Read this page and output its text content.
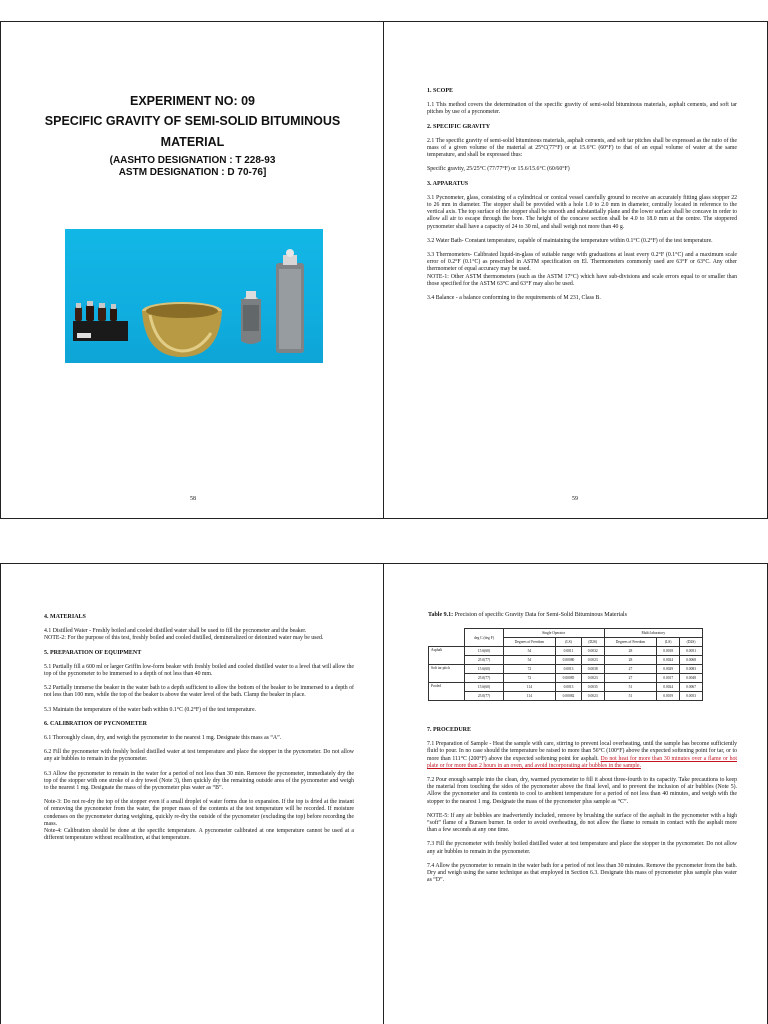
EXPERIMENT NO: 09
SPECIFIC GRAVITY OF SEMI-SOLID BITUMINOUS
MATERIAL
(AASHTO DESIGNATION : T 228-93
ASTM DESIGNATION : D 70-76]
58
1. SCOPE

1.1 This method covers the determination of the specific gravity of semi-solid bituminous materials, asphalt cements, and soft tar pitches by use of a pycnometer.

2. SPECIFIC GRAVITY

2.1 The specific gravity of semi-solid bituminous materials, asphalt cements, and soft tar pitches shall be expressed as the ratio of the mass of a given volume of the material at 25°C(77°F) or at 15.6°C (60°F) to that of an equal volume of water at the same temperature, and shall be expressed thus:

Specific gravity, 25/25°C (77/77°F) or 15.6/15.6°C (60/60°F)

3. APPARATUS

3.1 Pycnometer, glass, consisting of a cylindrical or conical vessel carefully ground to receive an accurately fitting glass stopper 22 to 26 mm in diameter. The stopper shall be provided with a hole 1.0 to 2.0 mm in diameter, centrally located in reference to the vertical axis. The top surface of the stopper shall be smooth and substantially plane and the lower surface shall be concave in order to allow all air to escape through the bore. The height of the concave section shall be 4.0 to 18.0 mm at the centre. The stoppered pycnometer shall have a capacity of 24 to 30 ml, and shall weigh not more than 40 g.

3.2 Water Bath- Constant temperature, capable of maintaining the temperature within 0.1°C (0.2°F) of the test temperature.

3.3 Thermometers- Calibrated liquid-in-glass of suitable range with graduations at least every 0.2°F (0.1°C) and a maximum scale error of 0.2°F (0.1°C) as prescribed in ASTM specification on El. Thermometers commonly used are 63°F or 63°C. Any other thermometer of equal accuracy may be used.

NOTE-1: Other ASTM thermometers (such as the ASTM 17°C) which have sub-divisions and scale errors equal to or smaller than those specified for the ASTM 63°C and 63°F may also be used.

3.4 Balance - a balance conforming to the requirements of M 231, Class B.

59
4. MATERIALS

4.1 Distilled Water - Freshly boiled and cooled distilled water shall be used to fill the pycnometer and the beaker.

NOTE-2: For the purpose of this test, freshly boiled and cooled distilled, demineralized or deionized water may be used.

5. PREPARATION OF EQUIPMENT

5.1 Partially fill a 600 ml or larger Griffin low-form beaker with freshly boiled and cooled distilled water to a level that will allow the top of the pycnometer to be immersed to a depth of not less than 40 mm.

5.2 Partially immerse the beaker in the water bath to a depth sufficient to allow the bottom of the beaker to be immersed to a depth of not less than 100 mm, while the top of the beaker is above the water level of the bath. Clamp the beaker in place.

5.3 Maintain the temperature of the water bath within 0.1°C (0.2°F) of the test temperature.

6. CALIBRATION OF PYCNOMETER

6.1 Thoroughly clean, dry, and weigh the pycnometer to the nearest 1 mg. Designate this mass as “A”.

6.2 Fill the pycnometer with freshly boiled distilled water at test temperature and place the stopper in the pycnometer. Do not allow any air bubbles to remain in the pycnometer.

6.3 Allow the pycnometer to remain in the water for a period of not less than 30 min. Remove the pycnometer, immediately dry the top of the stopper with one stroke of a dry towel (Note 3), then quickly dry the remaining outside area of the pycnometer and weigh to the nearest 1 mg. Designate the mass of the pycnometer plus water as “B”.

Note-3: Do not re-dry the top of the stopper even if a small droplet of water forms due to expansion. If the top is dried at the instant of removing the pycnometer from the water, the proper mass of the contents at the test temperature will be recorded. If moisture condenses on the pycnometer during weighing, quickly re-dry the outside of the pycnometer (excluding the top) before recording the mass.

Note-4: Calibration should be done at the specific temperature. A pycnometer calibrated at one temperature cannot be used at a different temperature without recalibration, at that temperature.

Table 9.1: Precision of specific Gravity Data for Semi-Solid Bituminous Materials
	deg C (deg F)	Single Operator			Multi laboratory		
		Degrees of Freedom	(LS)	(D2S)	Degrees of Freedom	(LS)	(D2S)
Asphalt	15.6(60)	54	0.0011	0.0032	28	0.0018	0.0051
	25.0(77)	54	0.00080	0.0023	28	0.0024	0.0068
Soft tar pitch	15.6(60)	72	0.0013	0.0038	27	0.0029	0.0083
	25.0(77)	72	0.00085	0.0023	27	0.0017	0.0048
Pooled	15.6(60)	114	0.0013	0.0035	51	0.0024	0.0067
	25.0(77)	114	0.00082	0.0023	51	0.0019	0.0053
7. PROCEDURE

7.1 Preparation of Sample - Heat the sample with care, stirring to prevent local overheating, until the sample has become sufficiently fluid to pour. In no case should the temperature be raised to more than 56°C (100°F) above the expected softening point for tar, or to more than 111°C (200°F) above the expected softening point for asphalt. Do not heat for more than 30 minutes over a flame or hot plate or for more than 2 hours in an oven, and avoid incorporating air bubbles in the sample.

7.2 Pour enough sample into the clean, dry, warmed pycnometer to fill it about three-fourth to its capacity. Take precautions to keep the material from touching the sides of the pycnometer above the final level, and to prevent the inclusion of air bubbles (Note 5). Allow the pycnometer and its contents to cool to ambient temperature for a period of not less than 40 minutes, and weigh with the stopper to the nearest 1 mg. Designate the mass of the pycnometer plus sample as “C”.

NOTE-5: If any air bubbles are inadvertently included, remove by brushing the surface of the asphalt in the pycnometer with a high “soft” flame of a Bunsen burner. In order to avoid overheating, do not allow the flame to remain in contact with the asphalt more than a few seconds at any one time.

7.3 Fill the pycnometer with freshly boiled distilled water at test temperature and place the stopper in the pycnometer. Do not allow any air bubbles to remain in the pycnometer.

7.4 Allow the pycnometer to remain in the water bath for a period of not less than 30 minutes. Remove the pycnometer from the bath. Dry and weigh using the same technique as that employed in Section 6.3. Designate this mass of pycnometer plus sample plus water as “D”.
